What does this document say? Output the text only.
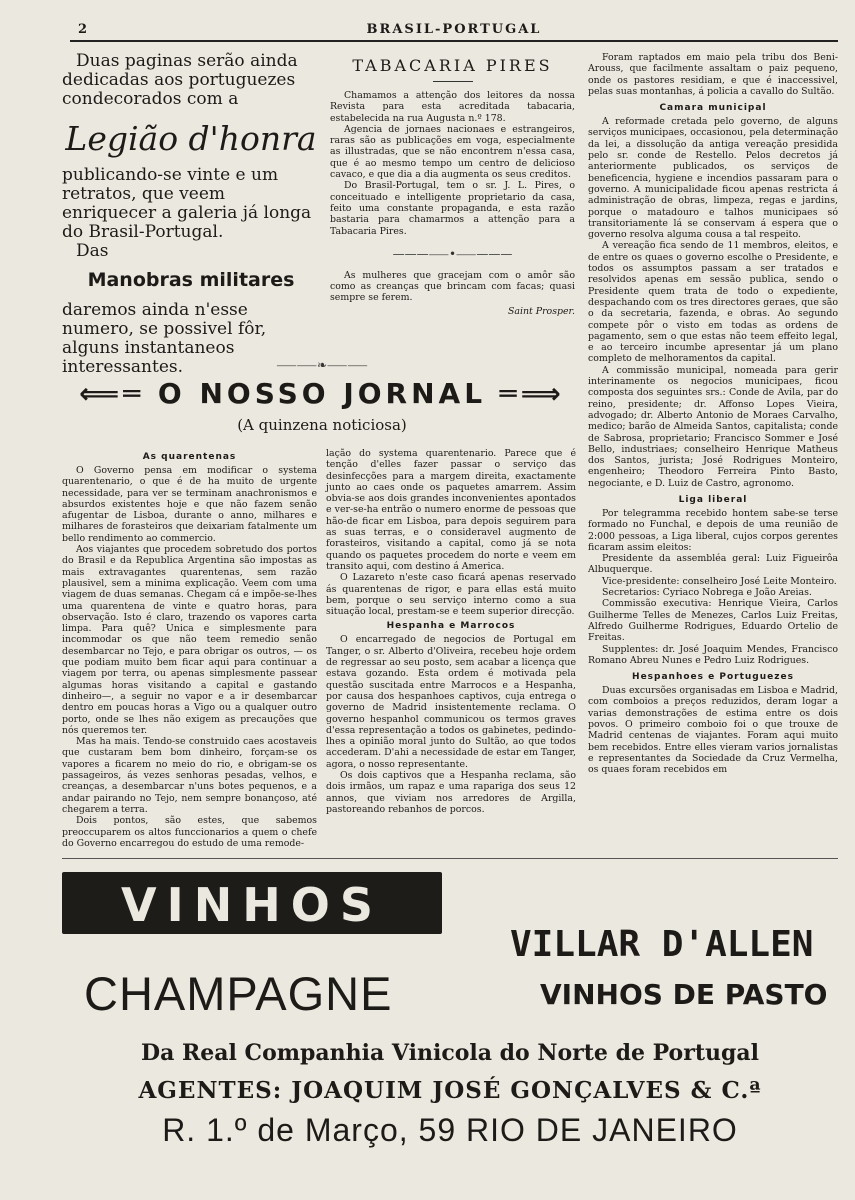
2	BRASIL-PORTUGAL

Duas paginas serão ainda dedicadas aos portuguezes condecorados com a

Legião d'honra

publicando-se vinte e um retratos, que veem enriquecer a galeria já longa do Brasil-Portugal.

Das

Manobras militares

daremos ainda n'esse numero, se possivel fôr, alguns instantaneos interessantes.

TABACARIA PIRES

Chamamos a attenção dos leitores da nossa Revista para esta acreditada tabacaria, estabelecida na rua Augusta n.º 178.

Agencia de jornaes nacionaes e estrangeiros, raras são as publicações em voga, especialmente as illustradas, que se não encontrem n'essa casa, que é ao mesmo tempo um centro de delicioso cavaco, e que dia a dia augmenta os seus creditos.

Do Brasil-Portugal, tem o sr. J. L. Pires, o conceituado e intelligente proprietario da casa, feito uma constante propaganda, e esta razão bastaria para chamarmos a attenção para a Tabacaria Pires.

———⸺•⸺———

As mulheres que gracejam com o amôr são como as creanças que brincam com facas; quasi sempre se ferem.

Saint Prosper.

Foram raptados em maio pela tribu dos Beni-Arouss, que facilmente assaltam o paiz pequeno, onde os pastores residiam, e que é inaccessivel, pelas suas montanhas, á policia a cavallo do Sultão.

Camara municipal

A reformade cretada pelo governo, de alguns serviços municipaes, occasionou, pela determinação da lei, a dissolução da antiga vereação presidida pelo sr. conde de Restello. Pelos decretos já anteriormente publicados, os serviços de beneficencia, hygiene e incendios passaram para o governo. A municipalidade ficou apenas restricta á administração de obras, limpeza, regas e jardins, porque o matadouro e talhos municipaes só transitoriamente lá se conservam á espera que o governo resolva alguma cousa a tal respeito.

A vereação fica sendo de 11 membros, eleitos, e de entre os quaes o governo escolhe o Presidente, e todos os assumptos passam a ser tratados e resolvidos apenas em sessão publica, sendo o Presidente quem trata de todo o expediente, despachando com os tres directores geraes, que são o da secretaria, fazenda, e obras. Ao segundo compete pôr o visto em todas as ordens de pagamento, sem o que estas não teem effeito legal, e ao terceiro incumbe apresentar já um plano completo de melhoramentos da capital.

A commissão municipal, nomeada para gerir interinamente os negocios municipaes, ficou composta dos seguintes srs.: Conde de Avila, par do reino, presidente; dr. Affonso Lopes Vieira, advogado; dr. Alberto Antonio de Moraes Carvalho, medico; barão de Almeida Santos, capitalista; conde de Sabrosa, proprietario; Francisco Sommer e José Bello, industriaes; conselheiro Henrique Matheus dos Santos, jurista; José Rodrigues Monteiro, engenheiro; Theodoro Ferreira Pinto Basto, negociante, e D. Luiz de Castro, agronomo.

Liga liberal

Por telegramma recebido hontem sabe-se terse formado no Funchal, e depois de uma reunião de 2:000 pessoas, a Liga liberal, cujos corpos gerentes ficaram assim eleitos:

Presidente da assembléa geral: Luiz Figueirôa Albuquerque.

Vice-presidente: conselheiro José Leite Monteiro.

Secretarios: Cyriaco Nobrega e João Areias.

Commissão executiva: Henrique Vieira, Carlos Guilherme Telles de Menezes, Carlos Luiz Freitas, Alfredo Guilherme Rodrigues, Eduardo Ortelio de Freitas.

Supplentes: dr. José Joaquim Mendes, Francisco Romano Abreu Nunes e Pedro Luiz Rodrigues.

Hespanhoes e Portuguezes

Duas excursões organisadas em Lisboa e Madrid, com comboios a preços reduzidos, deram logar a varias demonstrações de estima entre os dois povos. O primeiro comboio foi o que trouxe de Madrid centenas de viajantes. Foram aqui muito bem recebidos. Entre elles vieram varios jornalistas e representantes da Sociedade da Cruz Vermelha, os quaes foram recebidos em

⸺⸺❧⸺⸺

⟸═ O NOSSO JORNAL ═⟹

(A quinzena noticiosa)

As quarentenas

O Governo pensa em modificar o systema quarentenario, o que é de ha muito de urgente necessidade, para ver se terminam anachronismos e absurdos existentes hoje e que não fazem senão afugentar de Lisboa, durante o anno, milhares e milhares de forasteiros que deixariam fatalmente um bello rendimento ao commercio.

Aos viajantes que procedem sobretudo dos portos do Brasil e da Republica Argentina são impostas as mais extravagantes quarentenas, sem razão plausivel, sem a minima explicação. Veem com uma viagem de duas semanas. Chegam cá e impõe-se-lhes uma quarentena de vinte e quatro horas, para observação. Isto é claro, trazendo os vapores carta limpa. Para quê? Unica e simplesmente para incommodar os que não teem remedio senão desembarcar no Tejo, e para obrigar os outros, — os que podiam muito bem ficar aqui para continuar a viagem por terra, ou apenas simplesmente passear algumas horas visitando a capital e gastando dinheiro—, a seguir no vapor e a ir desembarcar dentro em poucas horas a Vigo ou a qualquer outro porto, onde se lhes não exigem as precauções que nós queremos ter.

Mas ha mais. Tendo-se construido caes acostaveis que custaram bem bom dinheiro, forçam-se os vapores a ficarem no meio do rio, e obrigam-se os passageiros, ás vezes senhoras pesadas, velhos, e creanças, a desembarcar n'uns botes pequenos, e a andar pairando no Tejo, nem sempre bonançoso, até chegarem a terra.

Dois pontos, são estes, que sabemos preoccuparem os altos funccionarios a quem o chefe do Governo encarregou do estudo de uma remode-

lação do systema quarentenario. Parece que é tenção d'elles fazer passar o serviço das desinfecções para a margem direita, exactamente junto ao caes onde os paquetes amarrem. Assim obvia-se aos dois grandes inconvenientes apontados e ver-se-ha entrão o numero enorme de pessoas que hão-de ficar em Lisboa, para depois seguirem para as suas terras, e o consideravel augmento de forasteiros, visitando a capital, como já se nota quando os paquetes procedem do norte e veem em transito aqui, com destino á America.

O Lazareto n'este caso ficará apenas reservado ás quarentenas de rigor, e para ellas está muito bem, porque o seu serviço interno como a sua situação local, prestam-se e teem superior direcção.

Hespanha e Marrocos

O encarregado de negocios de Portugal em Tanger, o sr. Alberto d'Oliveira, recebeu hoje ordem de regressar ao seu posto, sem acabar a licença que estava gozando. Esta ordem é motivada pela questão suscitada entre Marrocos e a Hespanha, por causa dos hespanhoes captivos, cuja entrega o governo de Madrid insistentemente reclama. O governo hespanhol communicou os termos graves d'essa representação a todos os gabinetes, pedindo-lhes a opinião moral junto do Sultão, ao que todos accederam. D'ahi a necessidade de estar em Tanger, agora, o nosso representante.

Os dois captivos que a Hespanha reclama, são dois irmãos, um rapaz e uma rapariga dos seus 12 annos, que viviam nos arredores de Argilla, pastoreando rebanhos de porcos.

VINHOS
VILLAR D'ALLEN
CHAMPAGNE	VINHOS DE PASTO
Da Real Companhia Vinicola do Norte de Portugal
AGENTES: JOAQUIM JOSÉ GONÇALVES & C.ª
R. 1.º de Março, 59 RIO DE JANEIRO
